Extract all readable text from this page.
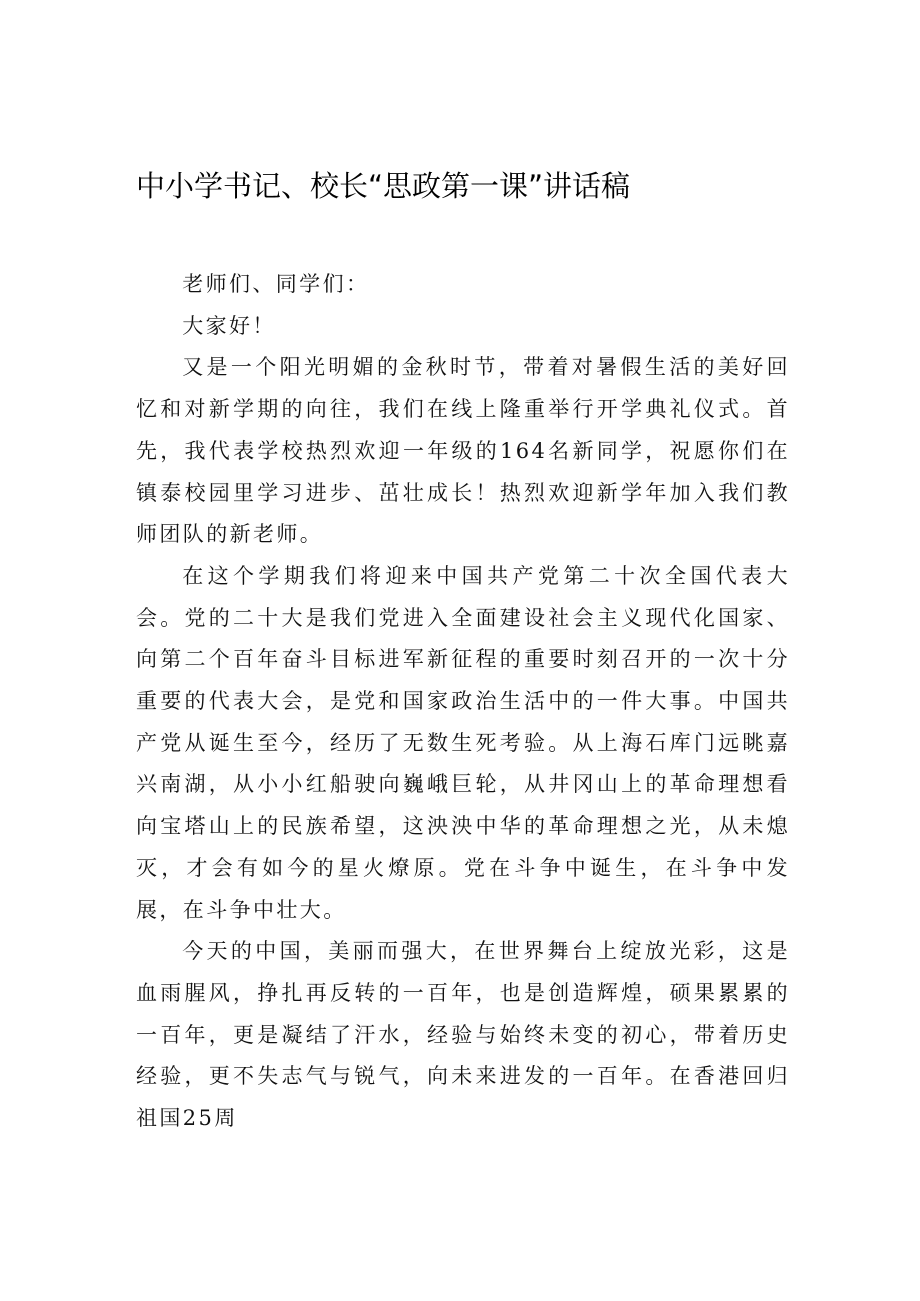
中小学书记、校长“思政第一课”讲话稿

老师们、同学们：

大家好！

又是一个阳光明媚的金秋时节，带着对暑假生活的美好回忆和对新学期的向往，我们在线上隆重举行开学典礼仪式。首先，我代表学校热烈欢迎一年级的164名新同学，祝愿你们在镇泰校园里学习进步、茁壮成长！热烈欢迎新学年加入我们教师团队的新老师。

在这个学期我们将迎来中国共产党第二十次全国代表大会。党的二十大是我们党进入全面建设社会主义现代化国家、向第二个百年奋斗目标进军新征程的重要时刻召开的一次十分重要的代表大会，是党和国家政治生活中的一件大事。中国共产党从诞生至今，经历了无数生死考验。从上海石库门远眺嘉兴南湖，从小小红船驶向巍峨巨轮，从井冈山上的革命理想看向宝塔山上的民族希望，这泱泱中华的革命理想之光，从未熄灭，才会有如今的星火燎原。党在斗争中诞生，在斗争中发展，在斗争中壮大。

今天的中国，美丽而强大，在世界舞台上绽放光彩，这是血雨腥风，挣扎再反转的一百年，也是创造辉煌，硕果累累的一百年，更是凝结了汗水，经验与始终未变的初心，带着历史经验，更不失志气与锐气，向未来进发的一百年。在香港回归祖国25周
